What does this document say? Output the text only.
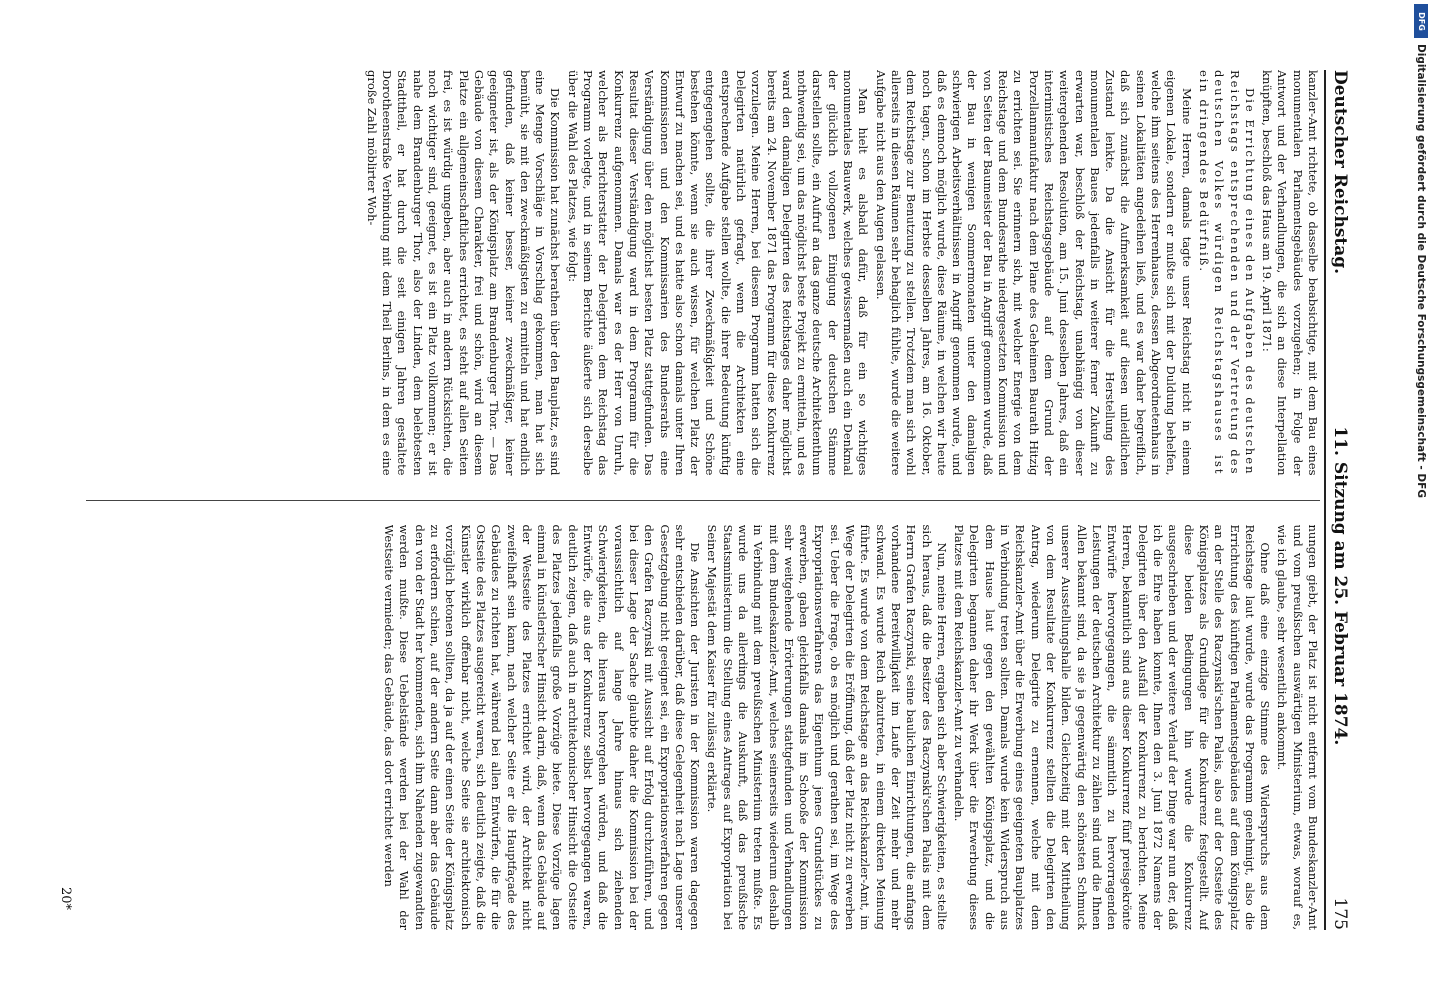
Deutscher Reichstag.
11. Sitzung am 25. Februar 1874.
175

kanzler-Amt richtete, ob dasselbe beabsichtige, mit dem Bau eines monumentalen Parlamentsgebäudes vorzugehen; in Folge der Antwort und der Verhandlungen, die sich an diese Interpellation knüpften, beschloß das Haus am 19. April 1871:

Die Errichtung eines den Aufgaben des deutschen Reichstags entsprechenden und der Vertretung des deutschen Volkes würdigen Reichstagshauses ist ein dringendes Bedürfniß.

Meine Herren, damals tagte unser Reichstag nicht in einem eigenen Lokale, sondern er mußte sich mit der Duldung behelfen, welche ihm seitens des Herrenhauses, dessen Abgeordnetenhaus in seinen Lokalitäten angedeihen ließ, und es war daher begreiflich, daß sich zunächst die Aufmerksamkeit auf diesen unleidlichen Zustand lenkte. Da die Ansicht für die Herstellung des monumentalen Baues jedenfalls in weiterer ferner Zukunft zu erwarten war, beschloß der Reichstag, unabhängig von dieser weitergehenden Resolution, am 15. Juni desselben Jahres, daß ein interimistisches Reichstagsgebäude auf dem Grund der Porzellanmanufaktur nach dem Plane des Geheimen Baurath Hitzig zu errichten sei. Sie erinnern sich, mit welcher Energie von dem Reichstage und dem Bundesrathe niedergesetzten Kommission und von Seiten der Baumeister der Bau in Angriff genommen wurde, daß der Bau in wenigen Sommermonaten unter den damaligen schwierigen Arbeitsverhältnissen in Angriff genommen wurde, und daß es dennoch möglich wurde, diese Räume, in welchen wir heute noch tagen, schon im Herbste desselben Jahres, am 16. Oktober, dem Reichstage zur Benutzung zu stellen. Trotzdem man sich wohl allerseits in diesen Räumen sehr behaglich fühlte, wurde die weitere Aufgabe nicht aus den Augen gelassen.

Man hielt es alsbald dafür, daß für ein so wichtiges monumentales Bauwerk, welches gewissermaßen auch ein Denkmal der glücklich vollzogenen Einigung der deutschen Stämme darstellen sollte, ein Aufruf an das ganze deutsche Architektenthum nothwendig sei, um das möglichst beste Projekt zu ermitteln, und es ward den damaligen Delegirten des Reichstages daher möglichst bereits am 24. November 1871 das Programm für diese Konkurrenz vorzulegen. Meine Herren, bei diesem Programm hatten sich die Delegirten natürlich gefragt, wenn die Architekten eine entsprechende Aufgabe stellen wollte, die ihrer Bedeutung künftig entgegengehen sollte, die ihrer Zweckmäßigkeit und Schöne bestehen könnte, wenn sie auch wissen, für welchen Platz der Entwurf zu machen sei, und es hatte also schon damals unter Ihren Kommissionen und den Kommissarien des Bundesraths eine Verständigung über den möglichst besten Platz stattgefunden. Das Resultat dieser Verständigung ward in dem Programm für die Konkurrenz aufgenommen. Damals war es der Herr von Unruh, welcher als Berichterstatter der Delegirten dem Reichstag das Programm vorlegte, und in seinem Berichte äußerte sich derselbe über die Wahl des Platzes, wie folgt:

Die Kommission hat zunächst berathen über den Bauplatz, es sind eine Menge Vorschläge in Vorschlag gekommen, man hat sich bemüht, sie mit den zweckmäßigsten zu ermitteln und hat endlich gefunden, daß keiner besser, keiner zweckmäßiger, keiner geeigneter ist, als der Königsplatz am Brandenburger Thor. — Das Gebäude von diesem Charakter, frei und schön, wird an diesem Platze ein allgemeinschaftliches errichtet, es steht auf allen Seiten frei, es ist würdig umgeben, aber auch in andern Rücksichten, die noch wichtiger sind, geeignet, es ist ein Platz vollkommen; er ist nahe dem Brandenburger Thor, also der Linden, dem belebtesten Stadttheil, er hat durch die seit einigen Jahren gestaltete Dorotheenstraße Verbindung mit dem Theil Berlins, in dem es eine große Zahl möblirter Woh-

nungen giebt, der Platz ist nicht entfernt vom Bundeskanzler-Amt und vom preußischen auswärtigen Ministerium, etwas, worauf es, wie ich glaube, sehr wesentlich ankommt.

Ohne daß eine einzige Stimme des Widerspruchs aus dem Reichstage laut wurde, wurde das Programm genehmigt, also die Errichtung des künftigen Parlamentsgebäudes auf dem Königsplatz an der Stelle des Raczynski'schen Palais, also auf der Ostseite des Königsplatzes als Grundlage für die Konkurrenz festgestellt. Auf diese beiden Bedingungen hin wurde die Konkurrenz ausgeschrieben und der weitere Verlauf der Dinge war nun der, daß ich die Ehre haben konnte, Ihnen den 3. Juni 1872 Namens der Delegirten über den Ausfall der Konkurrenz zu berichten. Meine Herren, bekanntlich sind aus dieser Konkurrenz fünf preisgekrönte Entwürfe hervorgegangen, die sämmtlich zu hervorragenden Leistungen der deutschen Architektur zu zählen sind und die Ihnen Allen bekannt sind, da sie ja gegenwärtig den schönsten Schmuck unserer Ausstellungshalle bilden. Gleichzeitig mit der Mittheilung von dem Resultate der Konkurrenz stellten die Delegirten den Antrag, wiederum Delegirte zu ernennen, welche mit dem Reichskanzler-Amt über die Erwerbung eines geeigneten Bauplatzes in Verbindung treten sollten. Damals wurde kein Widerspruch aus dem Hause laut gegen den gewählten Königsplatz, und die Delegirten begannen daher ihr Werk über die Erwerbung dieses Platzes mit dem Reichskanzler-Amt zu verhandeln.

Nun, meine Herren, ergaben sich aber Schwierigkeiten, es stellte sich heraus, daß die Besitzer des Raczynski'schen Palais mit dem Herrn Grafen Raczynski, seine baulichen Einrichtungen, die anfangs vorhandene Bereitwilligkeit im Laufe der Zeit mehr und mehr schwand. Es wurde Reich abzutreten, in einem direkten Meinung führte. Es wurde von dem Reichstage an das Reichskanzler-Amt, im Wege der Delegirten die Eröffnung, daß der Platz nicht zu erwerben sei. Ueber die Frage, ob es möglich und gerathen sei, im Wege des Expropriationsverfahrens das Eigenthum jenes Grundstückes zu erwerben, gaben gleichfalls damals im Schooße der Kommission sehr weitgehende Erörterungen stattgefunden und Verhandlungen mit dem Bundeskanzler-Amt, welches seinerseits wiederum deshalb in Verbindung mit dem preußischen Ministerium treten mußte. Es wurde uns da allerdings die Auskunft, daß das preußische Staatsministerium die Stellung eines Antrages auf Expropriation bei Seiner Majestät dem Kaiser für zulässig erklärte.

Die Ansichten der Juristen in der Kommission waren dagegen sehr entschieden darüber, daß diese Gelegenheit nach Lage unserer Gesetzgebung nicht geeignet sei, ein Expropriationsverfahren gegen den Grafen Raczynski mit Aussicht auf Erfolg durchzuführen, und bei dieser Lage der Sache glaubte daher die Kommission bei der voraussichtlich auf lange Jahre hinaus sich ziehenden Schwierigkeiten, die hieraus hervorgehen würden, und daß die Entwürfe, die aus der Konkurrenz selbst hervorgegangen waren, deutlich zeigen, daß auch in architektonischer Hinsicht die Ostseite des Platzes jedenfalls große Vorzüge biete. Diese Vorzüge lagen einmal in künstlerischer Hinsicht darin, daß, wenn das Gebäude auf der Westseite des Platzes errichtet wird, der Architekt nicht zweifelhaft sein kann, nach welcher Seite er die Hauptfaçade des Gebäudes zu richten hat, während bei allen Entwürfen, die für die Ostseite des Platzes ausgereicht waren, sich deutlich zeigte, daß die Künstler wirklich offenbar nicht, welche Seite sie architektonisch vorzüglich betonen sollten, da ja auf der einen Seite der Königsplatz zu erfordern schien, auf der andern Seite dann aber das Gebäude den von der Stadt her kommenden, sich ihm Nahenden zugewandten werden mußte. Diese Uebelstände werden bei der Wahl der Westseite vermieden; das Gebäude, das dort errichtet werden

20*
DFG
Digitalisierung gefördert durch die Deutsche Forschungsgemeinschaft - DFG
